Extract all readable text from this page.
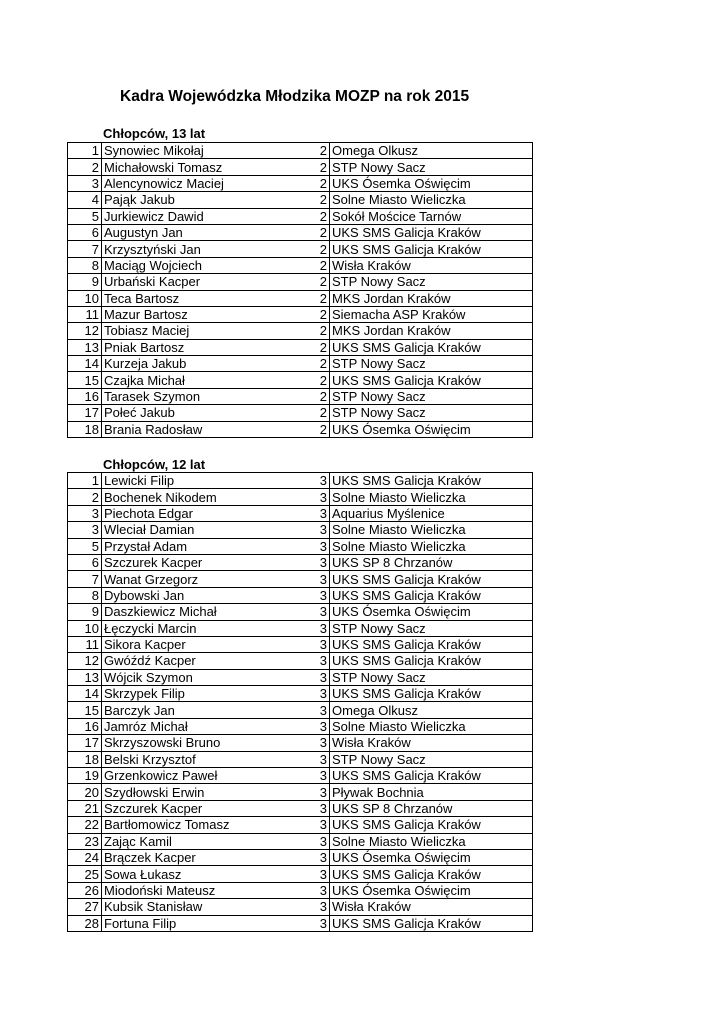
Kadra Wojewódzka Młodzika MOZP na rok 2015
Chłopców, 13 lat
1	Synowiec Mikołaj	2	Omega Olkusz
2	Michałowski Tomasz	2	STP Nowy Sacz
3	Alencynowicz Maciej	2	UKS Ósemka Oświęcim
4	Pająk Jakub	2	Solne Miasto Wieliczka
5	Jurkiewicz Dawid	2	Sokół Mościce Tarnów
6	Augustyn Jan	2	UKS SMS Galicja Kraków
7	Krzysztyński Jan	2	UKS SMS Galicja Kraków
8	Maciąg Wojciech	2	Wisła Kraków
9	Urbański Kacper	2	STP Nowy Sacz
10	Teca Bartosz	2	MKS Jordan Kraków
11	Mazur Bartosz	2	Siemacha ASP Kraków
12	Tobiasz Maciej	2	MKS Jordan Kraków
13	Pniak Bartosz	2	UKS SMS Galicja Kraków
14	Kurzeja Jakub	2	STP Nowy Sacz
15	Czajka Michał	2	UKS SMS Galicja Kraków
16	Tarasek Szymon	2	STP Nowy Sacz
17	Połeć Jakub	2	STP Nowy Sacz
18	Brania Radosław	2	UKS Ósemka Oświęcim
Chłopców, 12 lat
1	Lewicki Filip	3	UKS SMS Galicja Kraków
2	Bochenek Nikodem	3	Solne Miasto Wieliczka
3	Piechota Edgar	3	Aquarius Myślenice
3	Wleciał Damian	3	Solne Miasto Wieliczka
5	Przystał Adam	3	Solne Miasto Wieliczka
6	Szczurek Kacper	3	UKS SP 8 Chrzanów
7	Wanat Grzegorz	3	UKS SMS Galicja Kraków
8	Dybowski Jan	3	UKS SMS Galicja Kraków
9	Daszkiewicz Michał	3	UKS Ósemka Oświęcim
10	Łęczycki Marcin	3	STP Nowy Sacz
11	Sikora Kacper	3	UKS SMS Galicja Kraków
12	Gwóźdź Kacper	3	UKS SMS Galicja Kraków
13	Wójcik Szymon	3	STP Nowy Sacz
14	Skrzypek Filip	3	UKS SMS Galicja Kraków
15	Barczyk Jan	3	Omega Olkusz
16	Jamróz Michał	3	Solne Miasto Wieliczka
17	Skrzyszowski Bruno	3	Wisła Kraków
18	Belski Krzysztof	3	STP Nowy Sacz
19	Grzenkowicz Paweł	3	UKS SMS Galicja Kraków
20	Szydłowski Erwin	3	Pływak Bochnia
21	Szczurek Kacper	3	UKS SP 8 Chrzanów
22	Bartłomowicz Tomasz	3	UKS SMS Galicja Kraków
23	Zając Kamil	3	Solne Miasto Wieliczka
24	Brączek Kacper	3	UKS Ósemka Oświęcim
25	Sowa Łukasz	3	UKS SMS Galicja Kraków
26	Miodoński Mateusz	3	UKS Ósemka Oświęcim
27	Kubsik Stanisław	3	Wisła Kraków
28	Fortuna Filip	3	UKS SMS Galicja Kraków
